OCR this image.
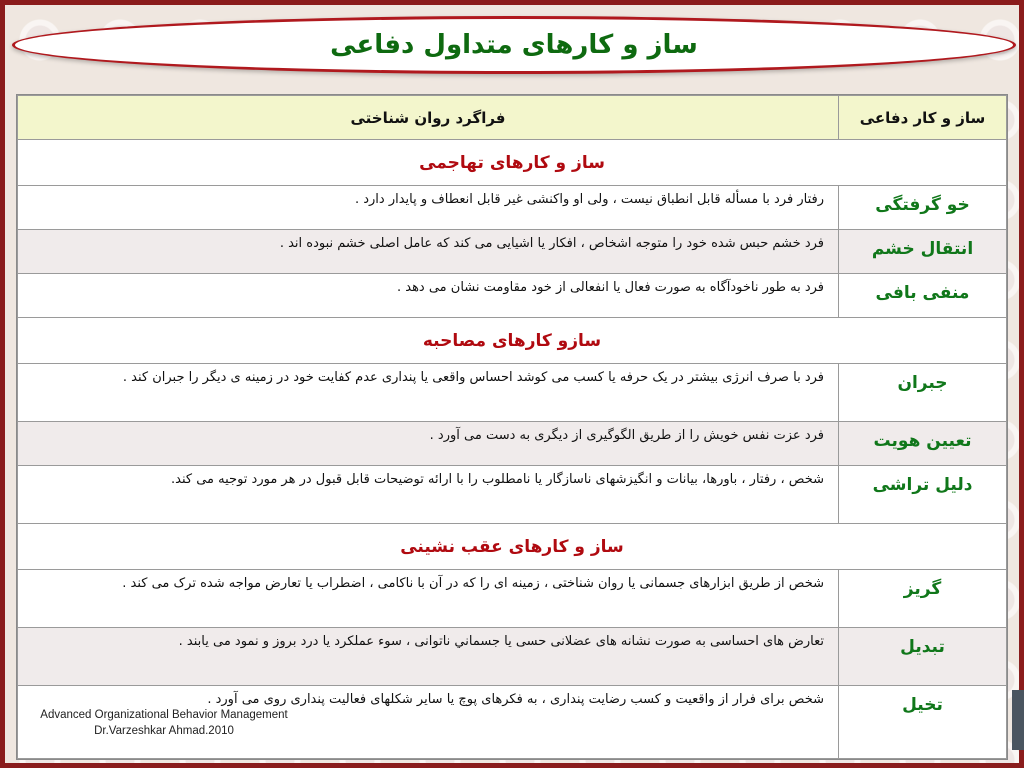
ساز و کارهای متداول دفاعی
ساز و کار دفاعی	فراگرد روان شناختی
ساز و کارهای تهاجمی	
خو گرفتگی	رفتار فرد با مسأله قابل انطباق نیست ، ولی او واکنشی غیر قابل انعطاف و پایدار دارد .
انتقال خشم	فرد خشم حبس شده خود را متوجه اشخاص ، افکار یا اشیایی می کند که عامل اصلی خشم نبوده اند .
منفی بافی	فرد به طور ناخودآگاه به صورت فعال یا انفعالی از خود مقاومت نشان می دهد .
سازو کارهای مصاحبه	
جبران	فرد با صرف انرژی بیشتر در یک حرفه یا کسب می کوشد احساس واقعی یا پنداری عدم کفایت خود در زمینه ی دیگر را جبران کند .
تعیین هویت	فرد عزت نفس خویش را از طریق الگوگیری از دیگری به دست می آورد .
دلیل تراشی	شخص ، رفتار ، باورها، بیانات و انگیزشهای ناسازگار یا نامطلوب را با ارائه توضیحات قابل قبول در هر مورد توجیه می کند.
ساز و کارهای عقب نشینی	
گریز	شخص از طریق ابزارهای جسمانی یا روان شناختی ، زمینه ای را که در آن با ناکامی ، اضطراب یا تعارض مواجه شده ترک می کند .
تبدیل	تعارض های احساسی به صورت نشانه های عضلانی حسی یا جسماني ناتوانی ، سوء عملکرد یا درد بروز و نمود می یابند .
تخیل	شخص برای فرار از واقعیت و کسب رضایت پنداری ، به فکرهای پوچ یا سایر شکلهای فعالیت پنداری روی می آورد .
Advanced Organizational Behavior Management
Dr.Varzeshkar Ahmad.2010
